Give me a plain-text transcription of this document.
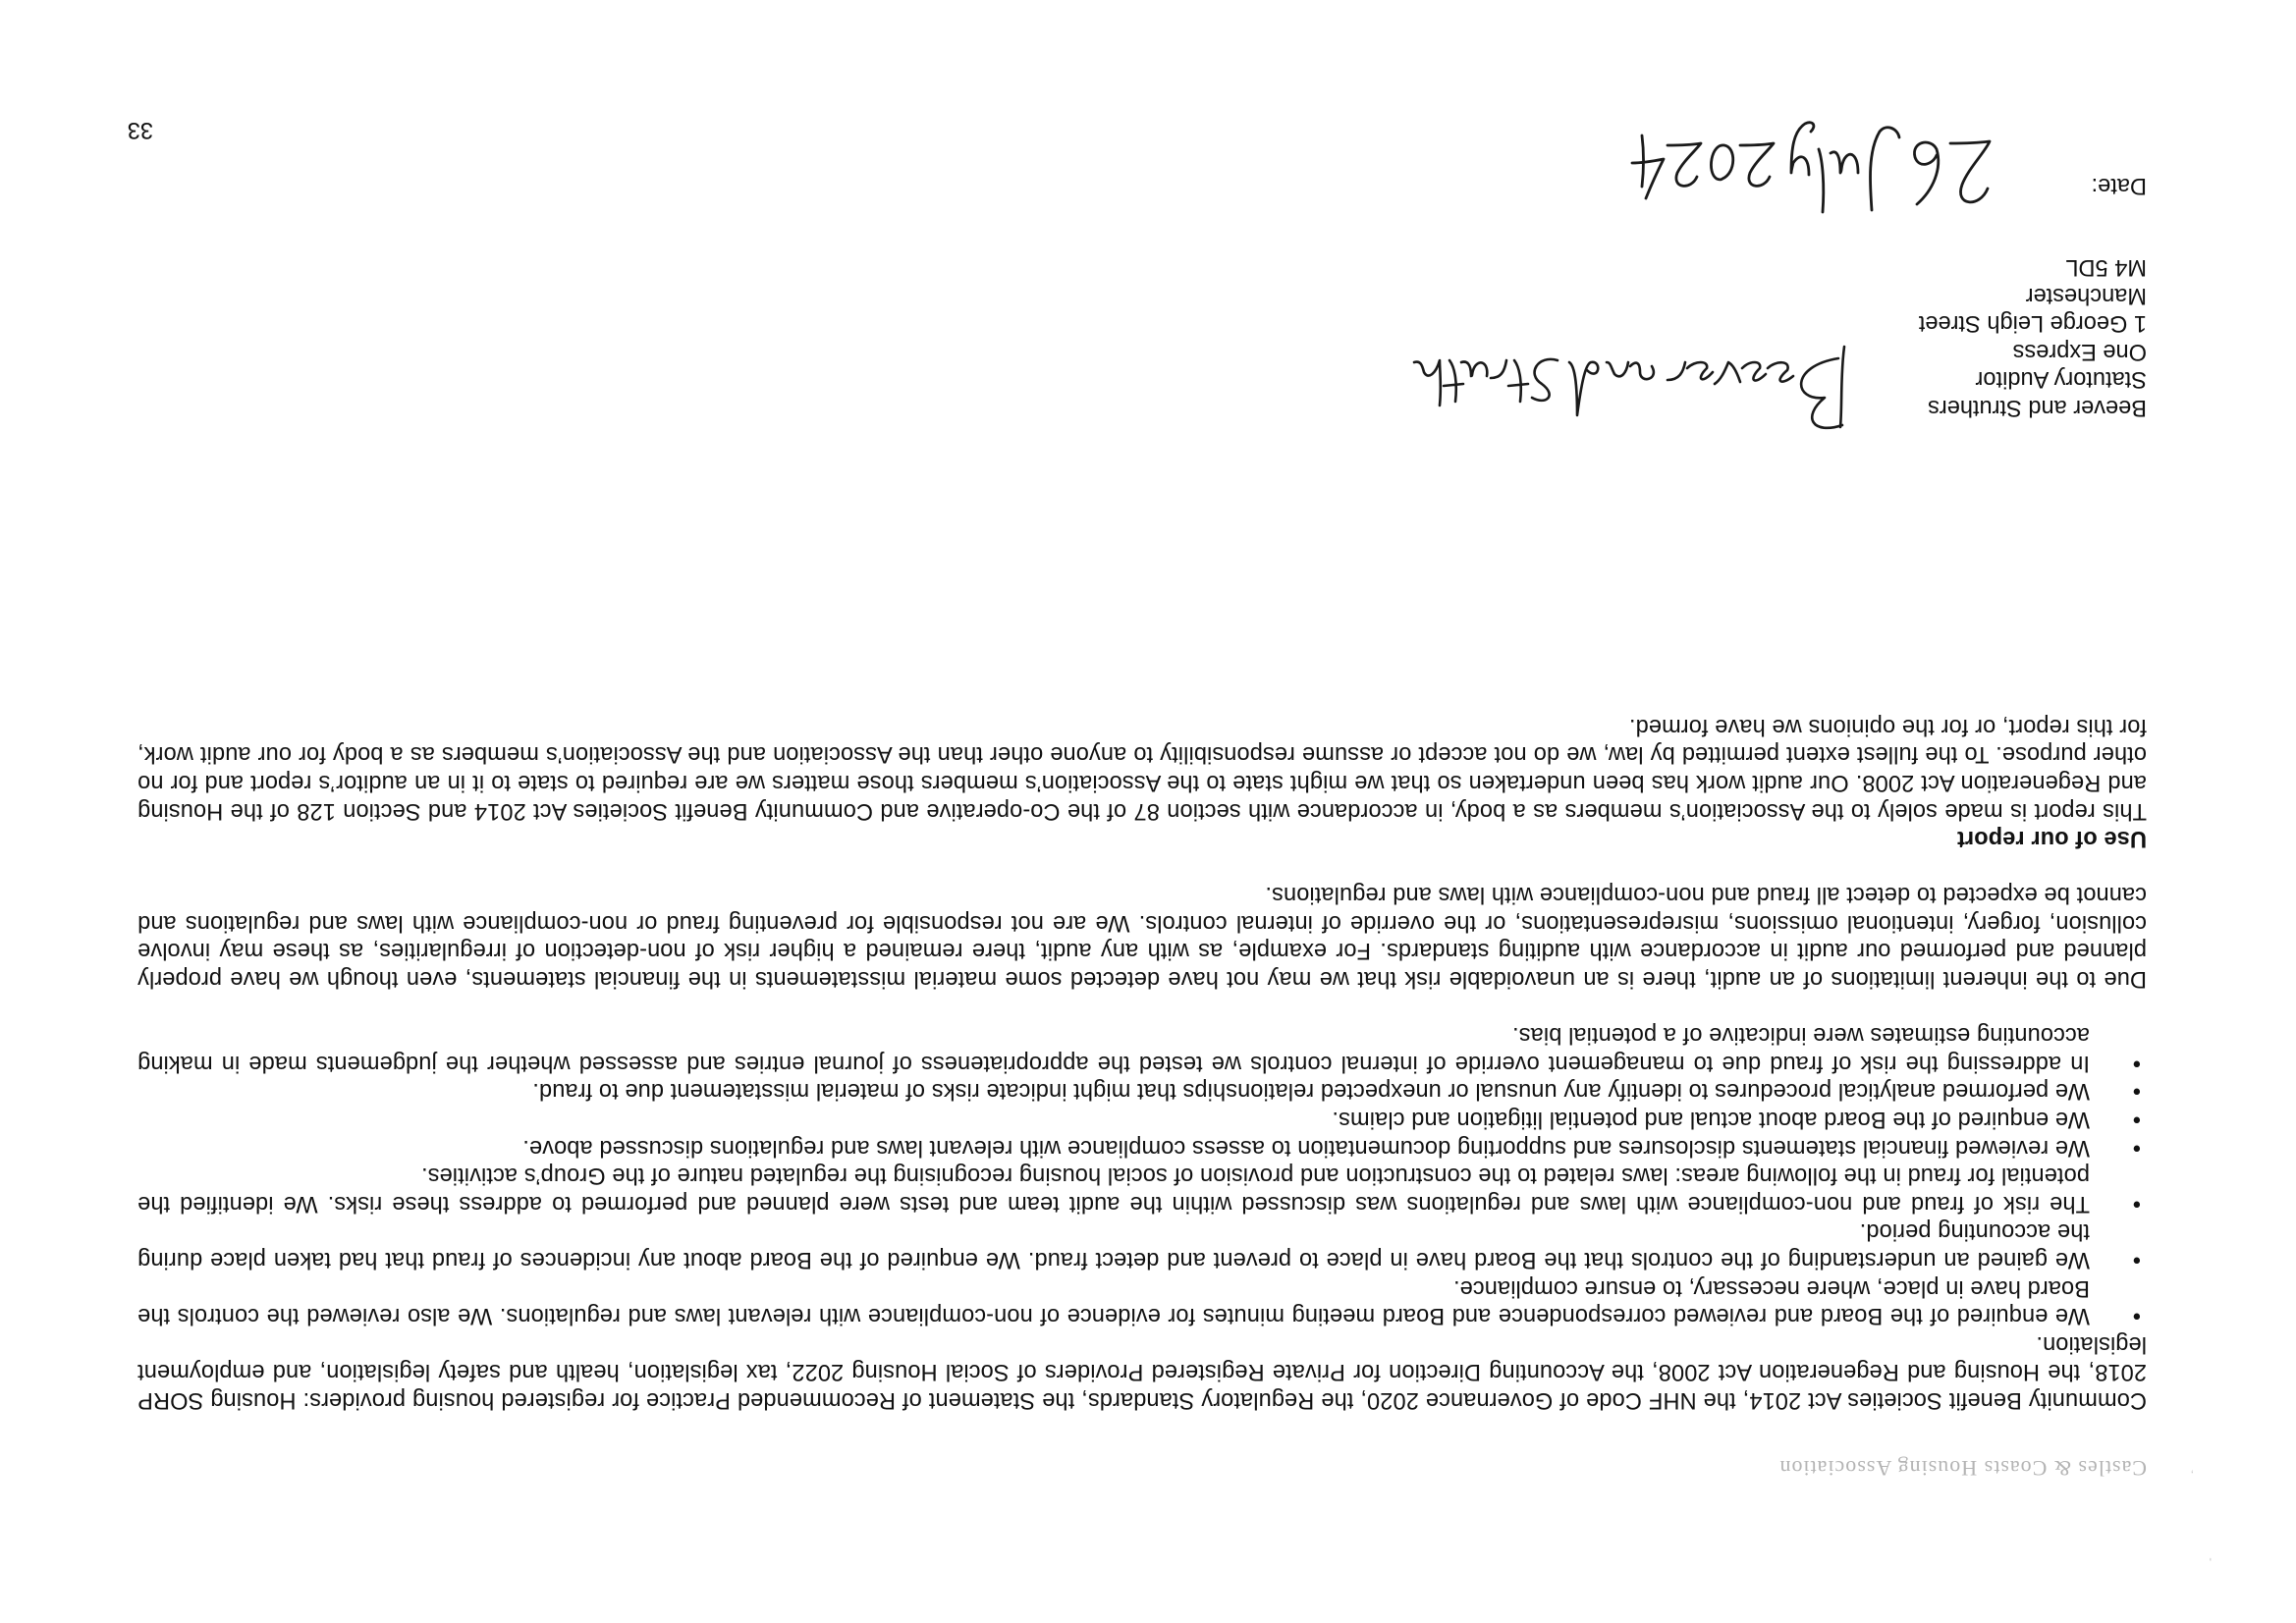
,
'
Castles & Coasts Housing Association

Community Benefit Societies Act 2014, the NHF Code of Governance 2020, the Regulatory Standards, the Statement of Recommended Practice for registered housing providers: Housing SORP 2018, the Housing and Regeneration Act 2008, the Accounting Direction for Private Registered Providers of Social Housing 2022, tax legislation, health and safety legislation, and employment legislation.

•
We enquired of the Board and reviewed correspondence and Board meeting minutes for evidence of non-compliance with relevant laws and regulations. We also reviewed the controls the Board have in place, where necessary, to ensure compliance.
•
We gained an understanding of the controls that the Board have in place to prevent and detect fraud. We enquired of the Board about any incidences of fraud that had taken place during the accounting period.
•
The risk of fraud and non-compliance with laws and regulations was discussed within the audit team and tests were planned and performed to address these risks. We identified the potential for fraud in the following areas: laws related to the construction and provision of social housing recognising the regulated nature of the Group’s activities.
•
We reviewed financial statements disclosures and supporting documentation to assess compliance with relevant laws and regulations discussed above.
•
We enquired of the Board about actual and potential litigation and claims.
•
We performed analytical procedures to identify any unusual or unexpected relationships that might indicate risks of material misstatement due to fraud.
•
In addressing the risk of fraud due to management override of internal controls we tested the appropriateness of journal entries and assessed whether the judgements made in making accounting estimates were indicative of a potential bias.

Due to the inherent limitations of an audit, there is an unavoidable risk that we may not have detected some material misstatements in the financial statements, even though we have properly planned and performed our audit in accordance with auditing standards. For example, as with any audit, there remained a higher risk of non-detection of irregularities, as these may involve collusion, forgery, intentional omissions, misrepresentations, or the override of internal controls. We are not responsible for preventing fraud or non-compliance with laws and regulations and cannot be expected to detect all fraud and non-compliance with laws and regulations.

Use of our report

This report is made solely to the Association’s members as a body, in accordance with section 87 of the Co-operative and Community Benefit Societies Act 2014 and Section 128 of the Housing and Regeneration Act 2008. Our audit work has been undertaken so that we might state to the Association’s members those matters we are required to state to it in an auditor’s report and for no other purpose. To the fullest extent permitted by law, we do not accept or assume responsibility to anyone other than the Association and the Association’s members as a body for our audit work, for this report, or for the opinions we have formed.

Beever and Struthers
Statutory Auditor
One Express
1 George Leigh Street
Manchester
M4 5DL
Date:
33
